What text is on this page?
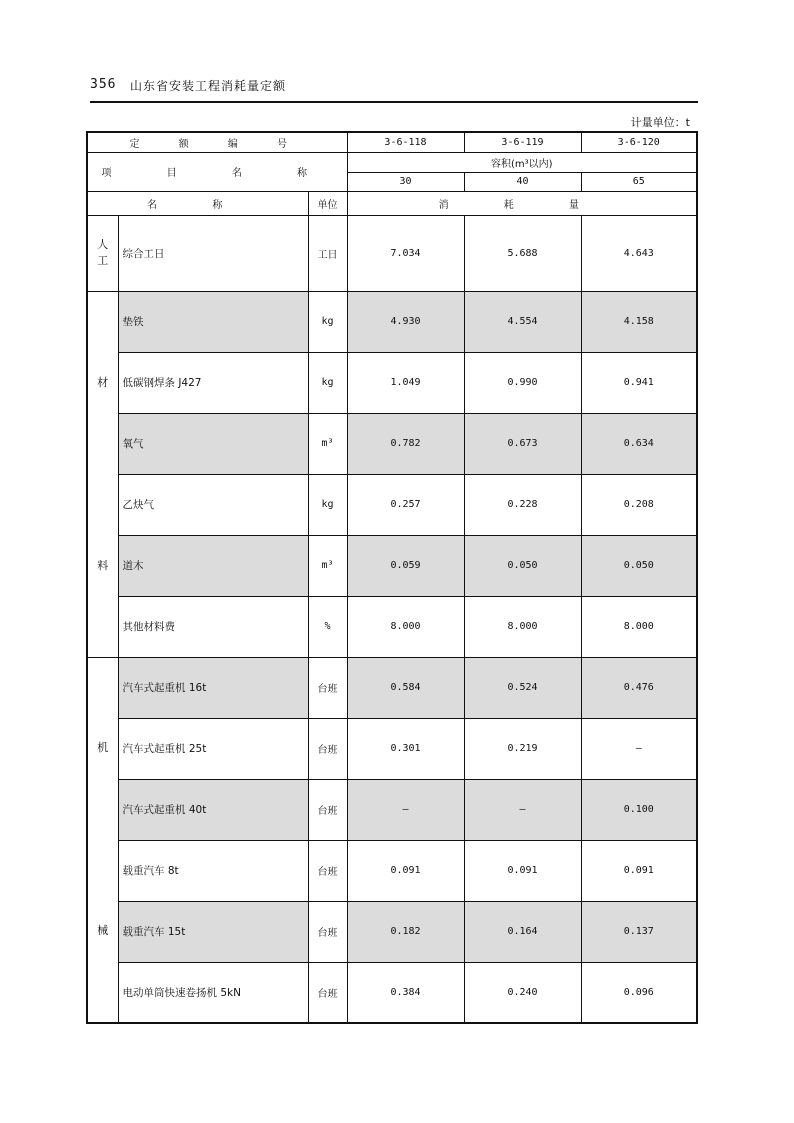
356 山东省安装工程消耗量定额
计量单位：t
定 额 编 号			3-6-118	3-6-119	3-6-120
项 目 名 称			容积(m³以内)		
			30	40	65
名 称		单位	消 耗 量		

人
工	综合工日	工日	7.034	5.688	4.643

材
料	垫铁	kg	4.930	4.554	4.158
	低碳钢焊条 J427	kg	1.049	0.990	0.941
	氧气	m³	0.782	0.673	0.634
	乙炔气	kg	0.257	0.228	0.208
	道木	m³	0.059	0.050	0.050
	其他材料费	%	8.000	8.000	8.000

机
械	汽车式起重机 16t	台班	0.584	0.524	0.476
	汽车式起重机 25t	台班	0.301	0.219	—
	汽车式起重机 40t	台班	—	—	0.100
	载重汽车 8t	台班	0.091	0.091	0.091
	载重汽车 15t	台班	0.182	0.164	0.137
	电动单筒快速卷扬机 5kN	台班	0.384	0.240	0.096
